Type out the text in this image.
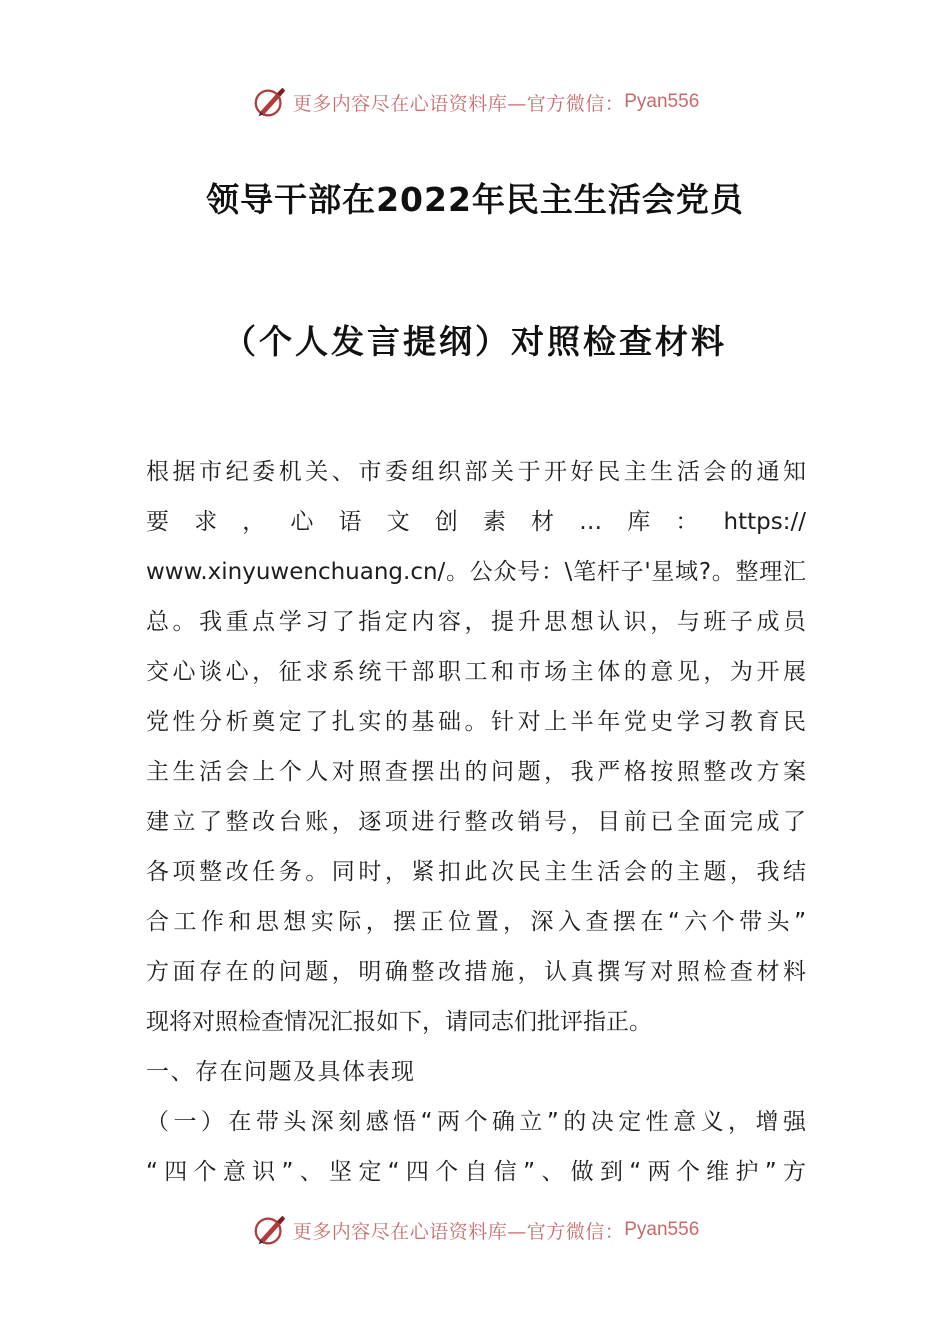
更多内容尽在心语资料库—官方微信： Pyan556
领导干部在2022年民主生活会党员
（个人发言提纲）对照检查材料
根据市纪委机关、市委组织部关于开好民主生活会的通知
要求，心语文创素材…库：https://
www.xinyuwenchuang.cn/。公众号：\笔杆子'星域?。整理汇
总。我重点学习了指定内容，提升思想认识，与班子成员
交心谈心，征求系统干部职工和市场主体的意见，为开展
党性分析奠定了扎实的基础。针对上半年党史学习教育民
主生活会上个人对照查摆出的问题，我严格按照整改方案
建立了整改台账，逐项进行整改销号，目前已全面完成了
各项整改任务。同时，紧扣此次民主生活会的主题，我结
合工作和思想实际，摆正位置，深入查摆在“六个带头”
方面存在的问题，明确整改措施，认真撰写对照检查材料
现将对照检查情况汇报如下，请同志们批评指正。
一、存在问题及具体表现
（一）在带头深刻感悟“两个确立”的决定性意义，增强
“四个意识”、坚定“四个自信”、做到“两个维护”方
更多内容尽在心语资料库—官方微信： Pyan556
